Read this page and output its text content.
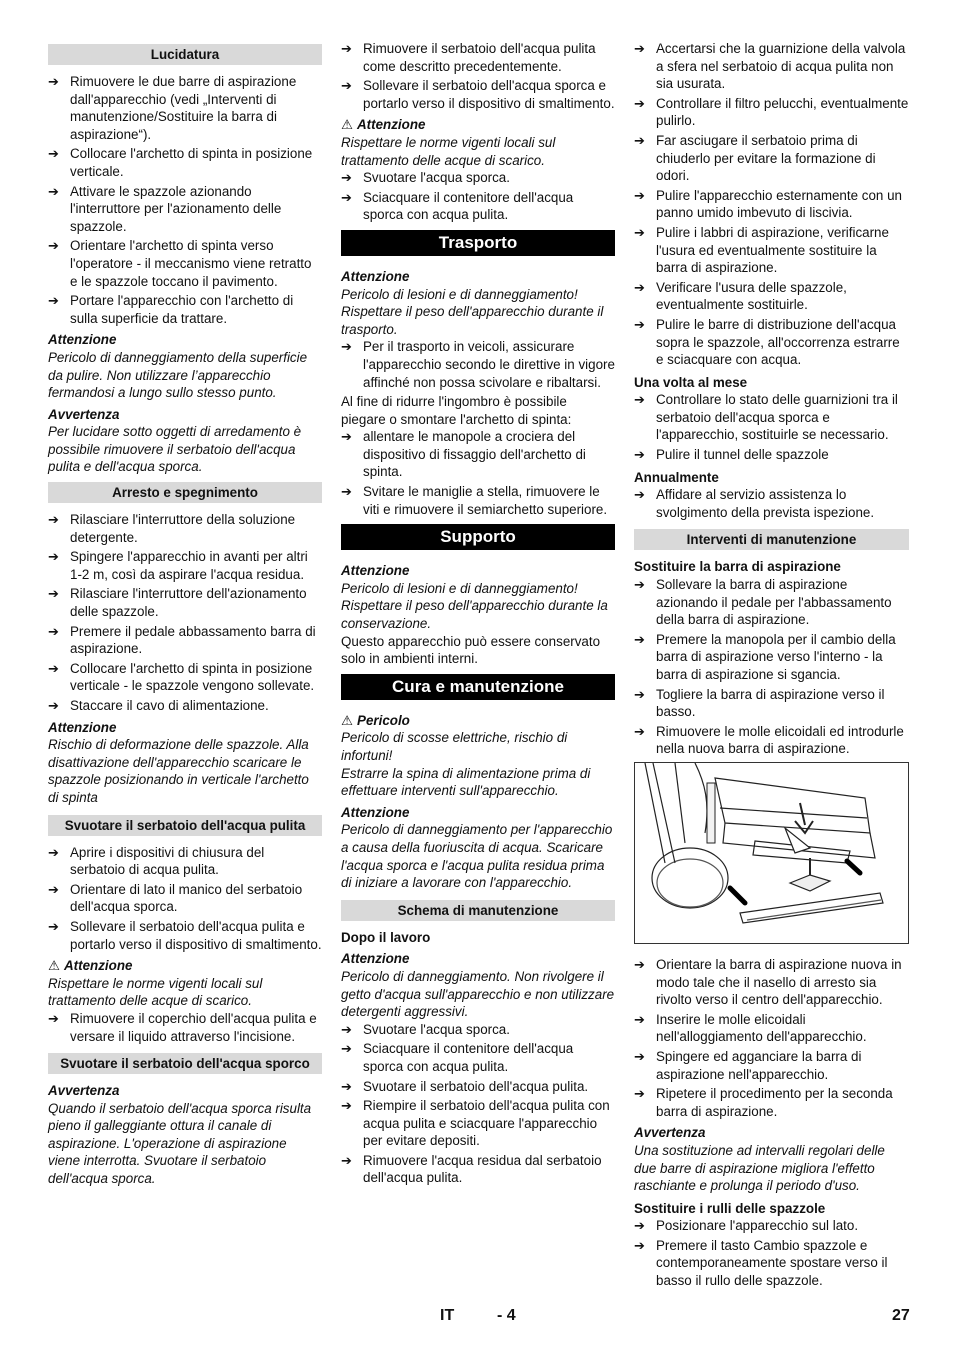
Lucidatura
➔ Rimuovere le due barre di aspirazione dall'apparecchio (vedi „Interventi di manutenzione/Sostituire la barra di aspirazione“).
➔ Collocare l'archetto di spinta in posizione verticale.
➔ Attivare le spazzole azionando l'interruttore per l'azionamento delle spazzole.
➔ Orientare l'archetto di spinta verso l'operatore - il meccanismo viene retratto e le spazzole toccano il pavimento.
➔ Portare l'apparecchio con l'archetto di sulla superficie da trattare.
Attenzione

Pericolo di danneggiamento della superficie da pulire. Non utilizzare l’apparecchio fermandosi a lungo sullo stesso punto.

Avvertenza

Per lucidare sotto oggetti di arredamento è possibile rimuovere il serbatoio dell'acqua pulita e dell'acqua sporca.

Arresto e spegnimento
➔ Rilasciare l'interruttore della soluzione detergente.
➔ Spingere l'apparecchio in avanti per altri 1-2 m, così da aspirare l'acqua residua.
➔ Rilasciare l'interruttore dell'azionamento delle spazzole.
➔ Premere il pedale abbassamento barra di aspirazione.
➔ Collocare l'archetto di spinta in posizione verticale - le spazzole vengono sollevate.
➔ Staccare il cavo di alimentazione.
Attenzione

Rischio di deformazione delle spazzole. Alla disattivazione dell'apparecchio scaricare le spazzole posizionando in verticale l'archetto di spinta

Svuotare il serbatoio dell'acqua pulita
➔ Aprire i dispositivi di chiusura del serbatoio di acqua pulita.
➔ Orientare di lato il manico del serbatoio dell'acqua sporca.
➔ Sollevare il serbatoio dell'acqua pulita e portarlo verso il dispositivo di smaltimento.
⚠ Attenzione

Rispettare le norme vigenti locali sul trattamento delle acque di scarico.

➔ Rimuovere il coperchio dell'acqua pulita e versare il liquido attraverso l'incisione.
Svuotare il serbatoio dell'acqua sporco
Avvertenza

Quando il serbatoio dell'acqua sporca risulta pieno il galleggiante ottura il canale di aspirazione. L'operazione di aspirazione viene interrotta. Svuotare il serbatoio dell'acqua sporca.

➔ Rimuovere il serbatoio dell'acqua pulita come descritto precedentemente.
➔ Sollevare il serbatoio dell'acqua sporca e portarlo verso il dispositivo di smaltimento.
⚠ Attenzione

Rispettare le norme vigenti locali sul trattamento delle acque di scarico.

➔ Svuotare l'acqua sporca.
➔ Sciacquare il contenitore dell'acqua sporca con acqua pulita.
Trasporto
Attenzione

Pericolo di lesioni e di danneggiamento! Rispettare il peso dell'apparecchio durante il trasporto.

➔ Per il trasporto in veicoli, assicurare l'apparecchio secondo le direttive in vigore affinché non possa scivolare e ribaltarsi.

Al fine di ridurre l'ingombro è possibile piegare o smontare l'archetto di spinta:

➔ allentare le manopole a crociera del dispositivo di fissaggio dell'archetto di spinta.
➔ Svitare le maniglie a stella, rimuovere le viti e rimuovere il semiarchetto superiore.
Supporto
Attenzione

Pericolo di lesioni e di danneggiamento! Rispettare il peso dell'apparecchio durante la conservazione.

Questo apparecchio può essere conservato solo in ambienti interni.

Cura e manutenzione
⚠ Pericolo

Pericolo di scosse elettriche, rischio di infortuni!

Estrarre la spina di alimentazione prima di effettuare interventi sull'apparecchio.

Attenzione

Pericolo di danneggiamento per l'apparecchio a causa della fuoriuscita di acqua. Scaricare l'acqua sporca e l'acqua pulita residua prima di iniziare a lavorare con l'apparecchio.

Schema di manutenzione
Dopo il lavoro
Attenzione

Pericolo di danneggiamento. Non rivolgere il getto d'acqua sull'apparecchio e non utilizzare detergenti aggressivi.

➔ Svuotare l'acqua sporca.
➔ Sciacquare il contenitore dell'acqua sporca con acqua pulita.
➔ Svuotare il serbatoio dell'acqua pulita.
➔ Riempire il serbatoio dell'acqua pulita con acqua pulita e sciacquare l'apparecchio per evitare depositi.
➔ Rimuovere l'acqua residua dal serbatoio dell'acqua pulita.
➔ Accertarsi che la guarnizione della valvola a sfera nel serbatoio di acqua pulita non sia usurata.
➔ Controllare il filtro pelucchi, eventualmente pulirlo.
➔ Far asciugare il serbatoio prima di chiuderlo per evitare la formazione di odori.
➔ Pulire l'apparecchio esternamente con un panno umido imbevuto di liscivia.
➔ Pulire i labbri di aspirazione, verificarne l'usura ed eventualmente sostituire la barra di aspirazione.
➔ Verificare l'usura delle spazzole, eventualmente sostituirle.
➔ Pulire le barre di distribuzione dell'acqua sopra le spazzole, all'occorrenza estrarre e sciacquare con acqua.
Una volta al mese
➔ Controllare lo stato delle guarnizioni tra il serbatoio dell'acqua sporca e l'apparecchio, sostituirle se necessario.
➔ Pulire il tunnel delle spazzole
Annualmente
➔ Affidare al servizio assistenza lo svolgimento della prevista ispezione.
Interventi di manutenzione
Sostituire la barra di aspirazione
➔ Sollevare la barra di aspirazione azionando il pedale per l'abbassamento della barra di aspirazione.
➔ Premere la manopola per il cambio della barra di aspirazione verso l'interno - la barra di aspirazione si sgancia.
➔ Togliere la barra di aspirazione verso il basso.
➔ Rimuovere le molle elicoidali ed introdurle nella nuova barra di aspirazione.
➔ Orientare la barra di aspirazione nuova in modo tale che il nasello di arresto sia rivolto verso il centro dell'apparecchio.
➔ Inserire le molle elicoidali nell'alloggiamento dell'apparecchio.
➔ Spingere ed agganciare la barra di aspirazione nell'apparecchio.
➔ Ripetere il procedimento per la seconda barra di aspirazione.
Avvertenza

Una sostituzione ad intervalli regolari delle due barre di aspirazione migliora l'effetto raschiante e prolunga il periodo d'uso.

Sostituire i rulli delle spazzole
➔ Posizionare l'apparecchio sul lato.
➔ Premere il tasto Cambio spazzole e contemporaneamente spostare verso il basso il rullo delle spazzole.
IT	- 4	27
